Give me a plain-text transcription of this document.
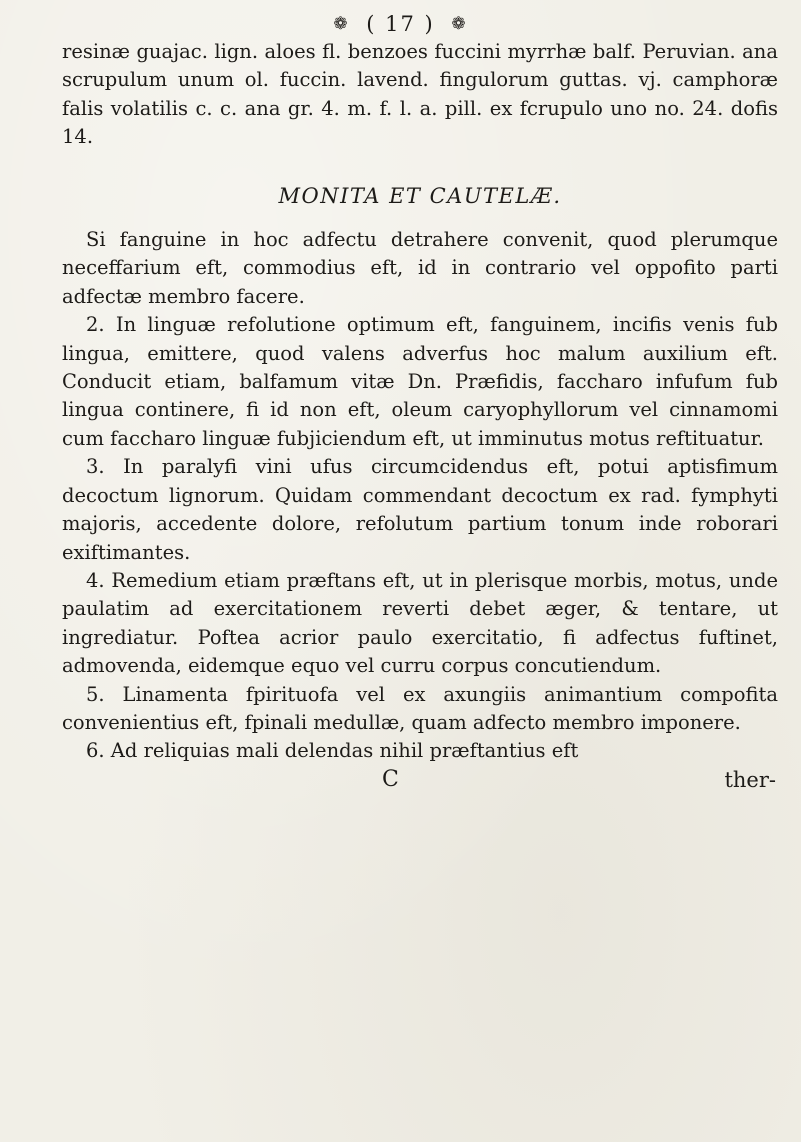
❁ ( 17 ) ❁

resinæ guajac. lign. aloes fl. benzoes fuccini myrrhæ balf. Peruvian. ana scrupulum unum ol. fuccin. lavend. fingulorum guttas. vj. camphoræ falis volatilis c. c. ana gr. 4. m. f. l. a. pill. ex fcrupulo uno no. 24. dofis 14.

MONITA ET CAUTELÆ.

Si fanguine in hoc adfectu detrahere convenit, quod plerumque neceffarium eft, commodius eft, id in contrario vel oppofito parti adfectæ membro facere.

2. In linguæ refolutione optimum eft, fanguinem, incifis venis fub lingua, emittere, quod valens adverfus hoc malum auxilium eft. Conducit etiam, balfamum vitæ Dn. Præfidis, faccharo infufum fub lingua continere, fi id non eft, oleum caryophyllorum vel cinnamomi cum faccharo linguæ fubjiciendum eft, ut imminutus motus reftituatur.

3. In paralyfi vini ufus circumcidendus eft, potui aptisfimum decoctum lignorum. Quidam commendant decoctum ex rad. fymphyti majoris, accedente dolore, refolutum partium tonum inde roborari exiftimantes.

4. Remedium etiam præftans eft, ut in plerisque morbis, motus, unde paulatim ad exercitationem reverti debet æger, & tentare, ut ingrediatur. Poftea acrior paulo exercitatio, fi adfectus fuftinet, admovenda, eidemque equo vel curru corpus concutiendum.

5. Linamenta fpirituofa vel ex axungiis animantium compofita convenientius eft, fpinali medullæ, quam adfecto membro imponere.

6. Ad reliquias mali delendas nihil præftantius eft

C	ther-
